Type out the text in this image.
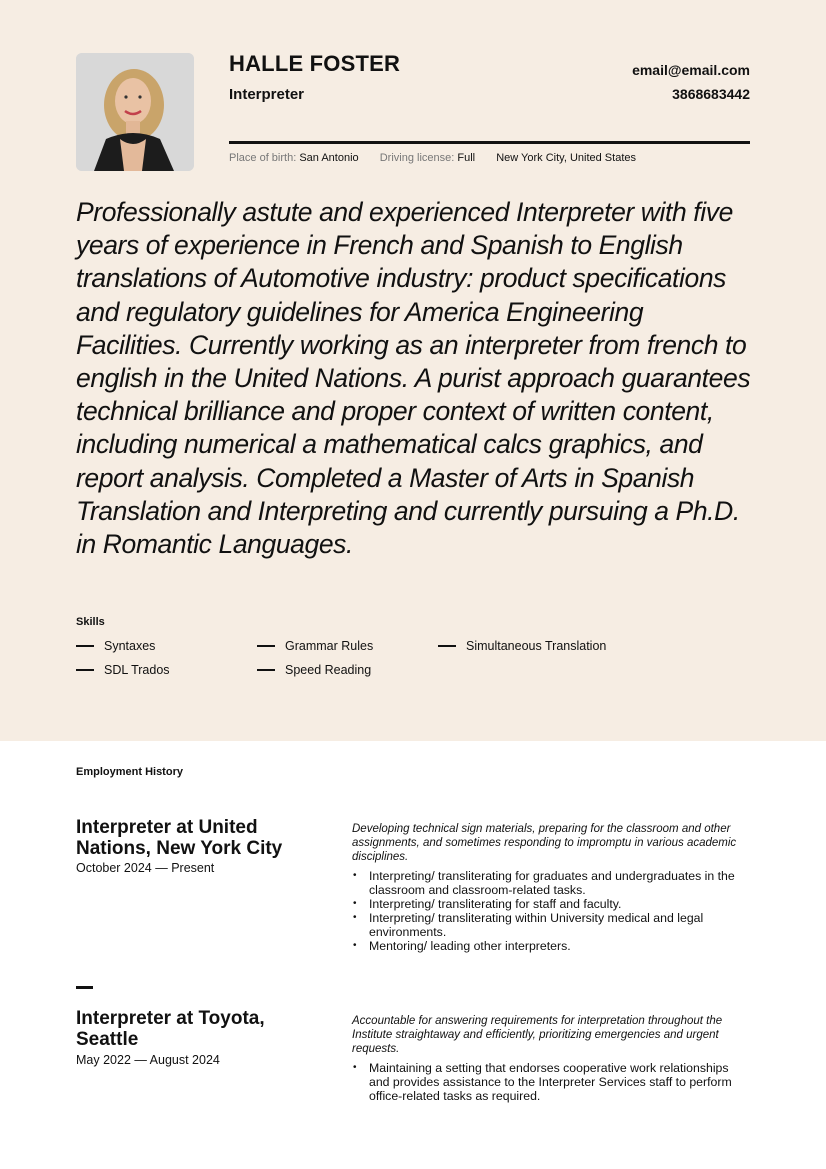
HALLE FOSTER
Interpreter
email@email.com
3868683442
Place of birth: San Antonio Driving license: Full New York City, United States
Professionally astute and experienced Interpreter with five years of experience in French and Spanish to English translations of Automotive industry: product specifications and regulatory guidelines for America Engineering Facilities. Currently working as an interpreter from french to english in the United Nations. A purist approach guarantees technical brilliance and proper context of written content, including numerical a mathematical calcs graphics, and report analysis. Completed a Master of Arts in Spanish Translation and Interpreting and currently pursuing a Ph.D. in Romantic Languages.
Skills
Syntaxes	Grammar Rules	Simultaneous Translation
SDL Trados	Speed Reading
Employment History
Interpreter at United Nations, New York City
October 2024 — Present
Developing technical sign materials, preparing for the classroom and other assignments, and sometimes responding to impromptu in various academic disciplines.
• Interpreting/ transliterating for graduates and undergraduates in the classroom and classroom-related tasks.
• Interpreting/ transliterating for staff and faculty.
• Interpreting/ transliterating within University medical and legal environments.
• Mentoring/ leading other interpreters.
Interpreter at Toyota, Seattle
May 2022 — August 2024
Accountable for answering requirements for interpretation throughout the Institute straightaway and efficiently, prioritizing emergencies and urgent requests.
• Maintaining a setting that endorses cooperative work relationships and provides assistance to the Interpreter Services staff to perform office-related tasks as required.
